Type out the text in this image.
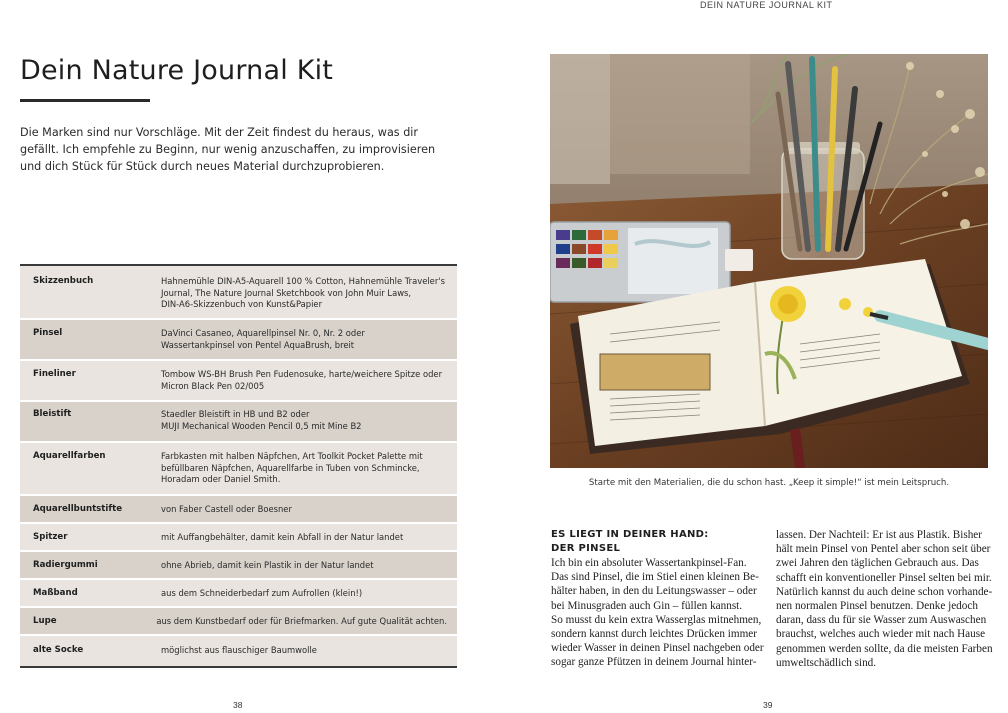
DEIN NATURE JOURNAL KIT
Dein Nature Journal Kit
Die Marken sind nur Vorschläge. Mit der Zeit findest du heraus, was dir
gefällt. Ich empfehle zu Beginn, nur wenig anzuschaffen, zu improvisieren
und dich Stück für Stück durch neues Material durchzuprobieren.
Skizzenbuch	Hahnemühle DIN-A5-Aquarell 100 % Cotton, Hahnemühle Traveler's
Journal, The Nature Journal Sketchbook von John Muir Laws,
DIN-A6-Skizzenbuch von Kunst&Papier
Pinsel	DaVinci Casaneo, Aquarellpinsel Nr. 0, Nr. 2 oder
Wassertankpinsel von Pentel AquaBrush, breit
Fineliner	Tombow WS-BH Brush Pen Fudenosuke, harte/weichere Spitze oder
Micron Black Pen 02/005
Bleistift	Staedler Bleistift in HB und B2 oder
MUJI Mechanical Wooden Pencil 0,5 mit Mine B2
Aquarellfarben	Farbkasten mit halben Näpfchen, Art Toolkit Pocket Palette mit
befüllbaren Näpfchen, Aquarellfarbe in Tuben von Schmincke,
Horadam oder Daniel Smith.
Aquarellbuntstifte	von Faber Castell oder Boesner
Spitzer	mit Auffangbehälter, damit kein Abfall in der Natur landet
Radiergummi	ohne Abrieb, damit kein Plastik in der Natur landet
Maßband	aus dem Schneiderbedarf zum Aufrollen (klein!)
Lupe	aus dem Kunstbedarf oder für Briefmarken. Auf gute Qualität achten.
alte Socke	möglichst aus flauschiger Baumwolle
38
Starte mit den Materialien, die du schon hast. „Keep it simple!“ ist mein Leitspruch.
ES LIEGT IN DEINER HAND:
DER PINSEL
Ich bin ein absoluter Wassertankpinsel-Fan.
Das sind Pinsel, die im Stiel einen kleinen Be-
hälter haben, in den du Leitungswasser – oder
bei Minusgraden auch Gin – füllen kannst.
So musst du kein extra Wasserglas mitnehmen,
sondern kannst durch leichtes Drücken immer
wieder Wasser in deinen Pinsel nachgeben oder
sogar ganze Pfützen in deinem Journal hinter-
lassen. Der Nachteil: Er ist aus Plastik. Bisher
hält mein Pinsel von Pentel aber schon seit über
zwei Jahren den täglichen Gebrauch aus. Das
schafft ein konventioneller Pinsel selten bei mir.
Natürlich kannst du auch deine schon vorhande-
nen normalen Pinsel benutzen. Denke jedoch
daran, dass du für sie Wasser zum Auswaschen
brauchst, welches auch wieder mit nach Hause
genommen werden sollte, da die meisten Farben
umweltschädlich sind.
39
